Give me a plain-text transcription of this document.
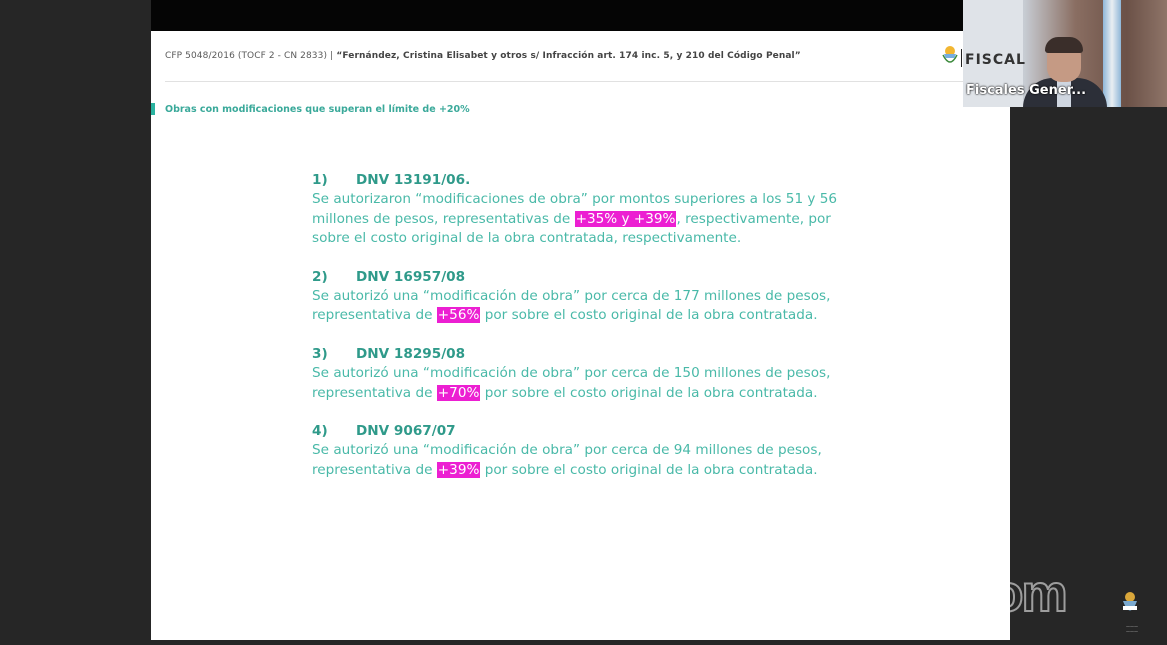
CFP 5048/2016 (TOCF 2 - CN 2833) | “Fernández, Cristina Elisabet y otros s/ Infracción art. 174 inc. 5, y 210 del Código Penal”
Obras con modificaciones que superan el límite de +20%
1) DNV 13191/06.
Se autorizaron “modificaciones de obra” por montos superiores a los 51 y 56 millones de pesos, representativas de +35% y +39%, respectivamente, por sobre el costo original de la obra contratada, respectivamente.
2) DNV 16957/08
Se autorizó una “modificación de obra” por cerca de 177 millones de pesos, representativa de +56% por sobre el costo original de la obra contratada.
3) DNV 18295/08
Se autorizó una “modificación de obra” por cerca de 150 millones de pesos, representativa de +70% por sobre el costo original de la obra contratada.
4) DNV 9067/07
Se autorizó una “modificación de obra” por cerca de 94 millones de pesos, representativa de +39% por sobre el costo original de la obra contratada.
FISCAL
Fiscales Gener...
zoom
———
———
